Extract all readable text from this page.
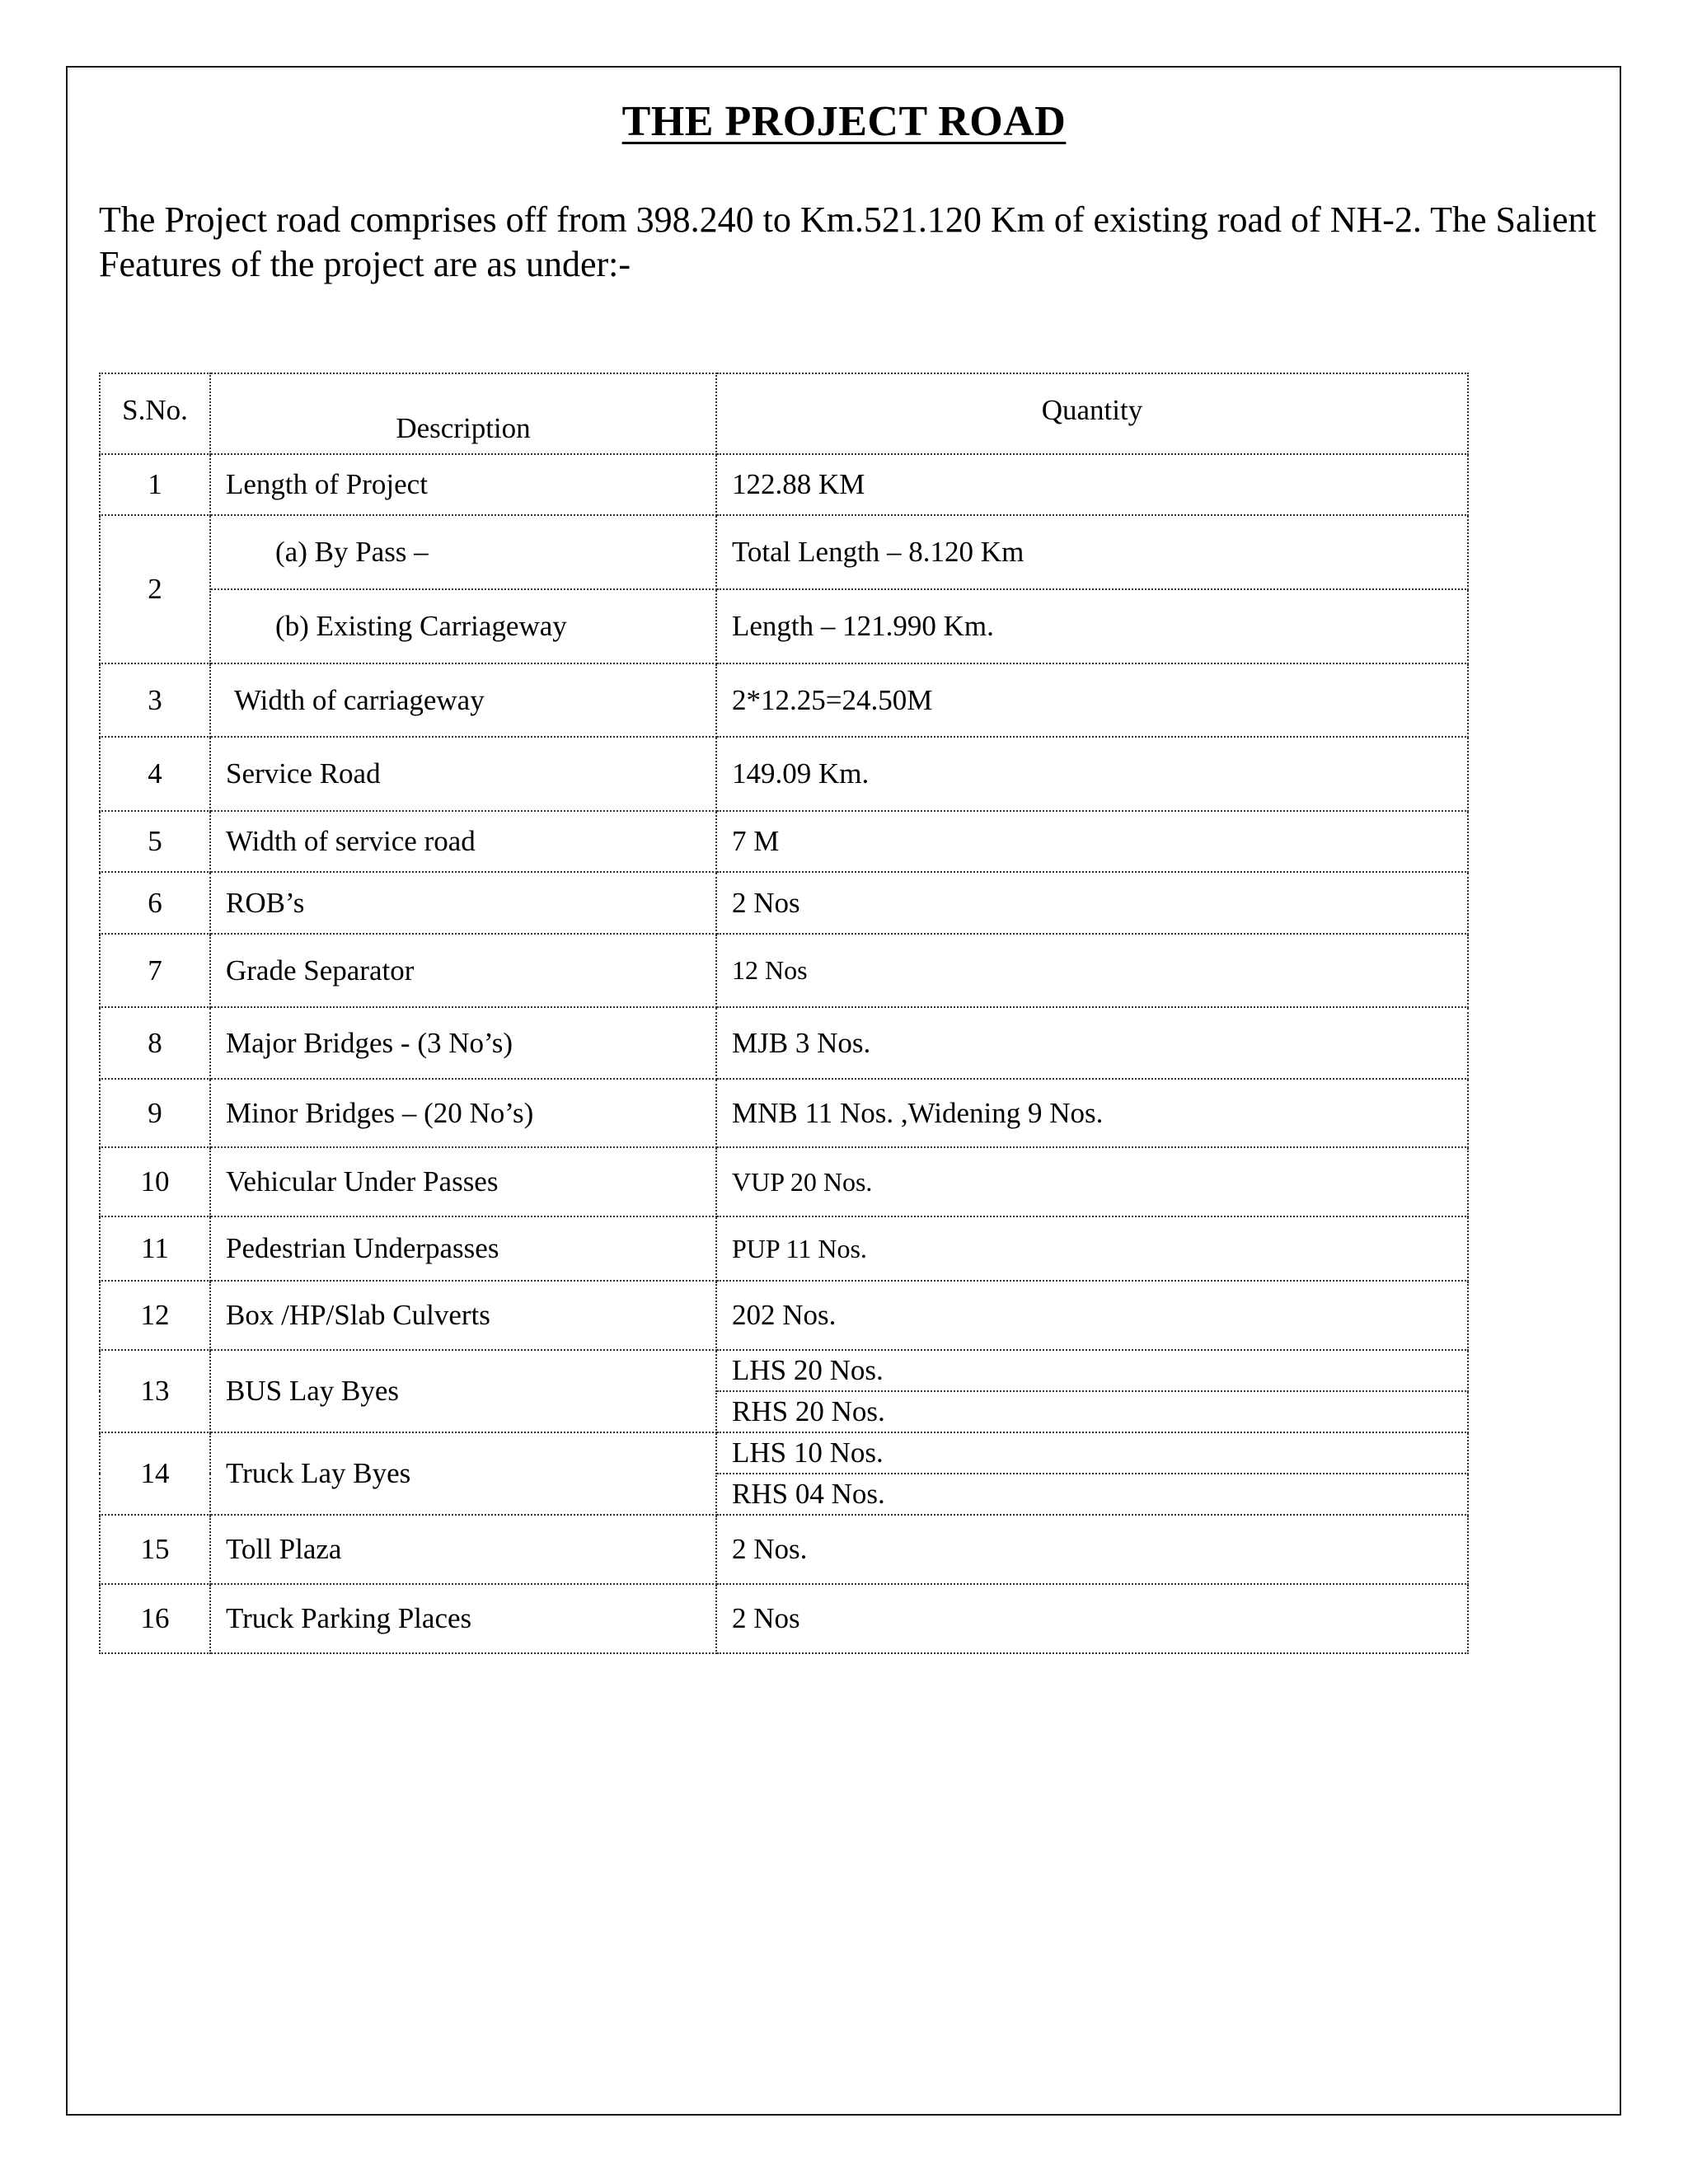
THE PROJECT ROAD
The Project road comprises off from 398.240 to Km.521.120 Km of existing road of NH-2. The Salient Features of the project are as under:-
S.No.	Description	Quantity
1	Length of Project	122.88 KM
2	(a) By Pass –	Total Length – 8.120 Km
	(b) Existing Carriageway	Length – 121.990 Km.
3	Width of carriageway	2*12.25=24.50M
4	Service Road	149.09 Km.
5	Width of service road	7 M
6	ROB’s	2 Nos
7	Grade Separator	12 Nos
8	Major Bridges - (3 No’s)	MJB 3 Nos.
9	Minor Bridges – (20 No’s)	MNB 11 Nos. ,Widening 9 Nos.
10	Vehicular Under Passes	VUP 20 Nos.
11	Pedestrian Underpasses	PUP 11 Nos.
12	Box /HP/Slab Culverts	202 Nos.
13	BUS Lay Byes	LHS 20 Nos.
		RHS 20 Nos.
14	Truck Lay Byes	LHS 10 Nos.
		RHS 04 Nos.
15	Toll Plaza	2 Nos.
16	Truck Parking Places	2 Nos
